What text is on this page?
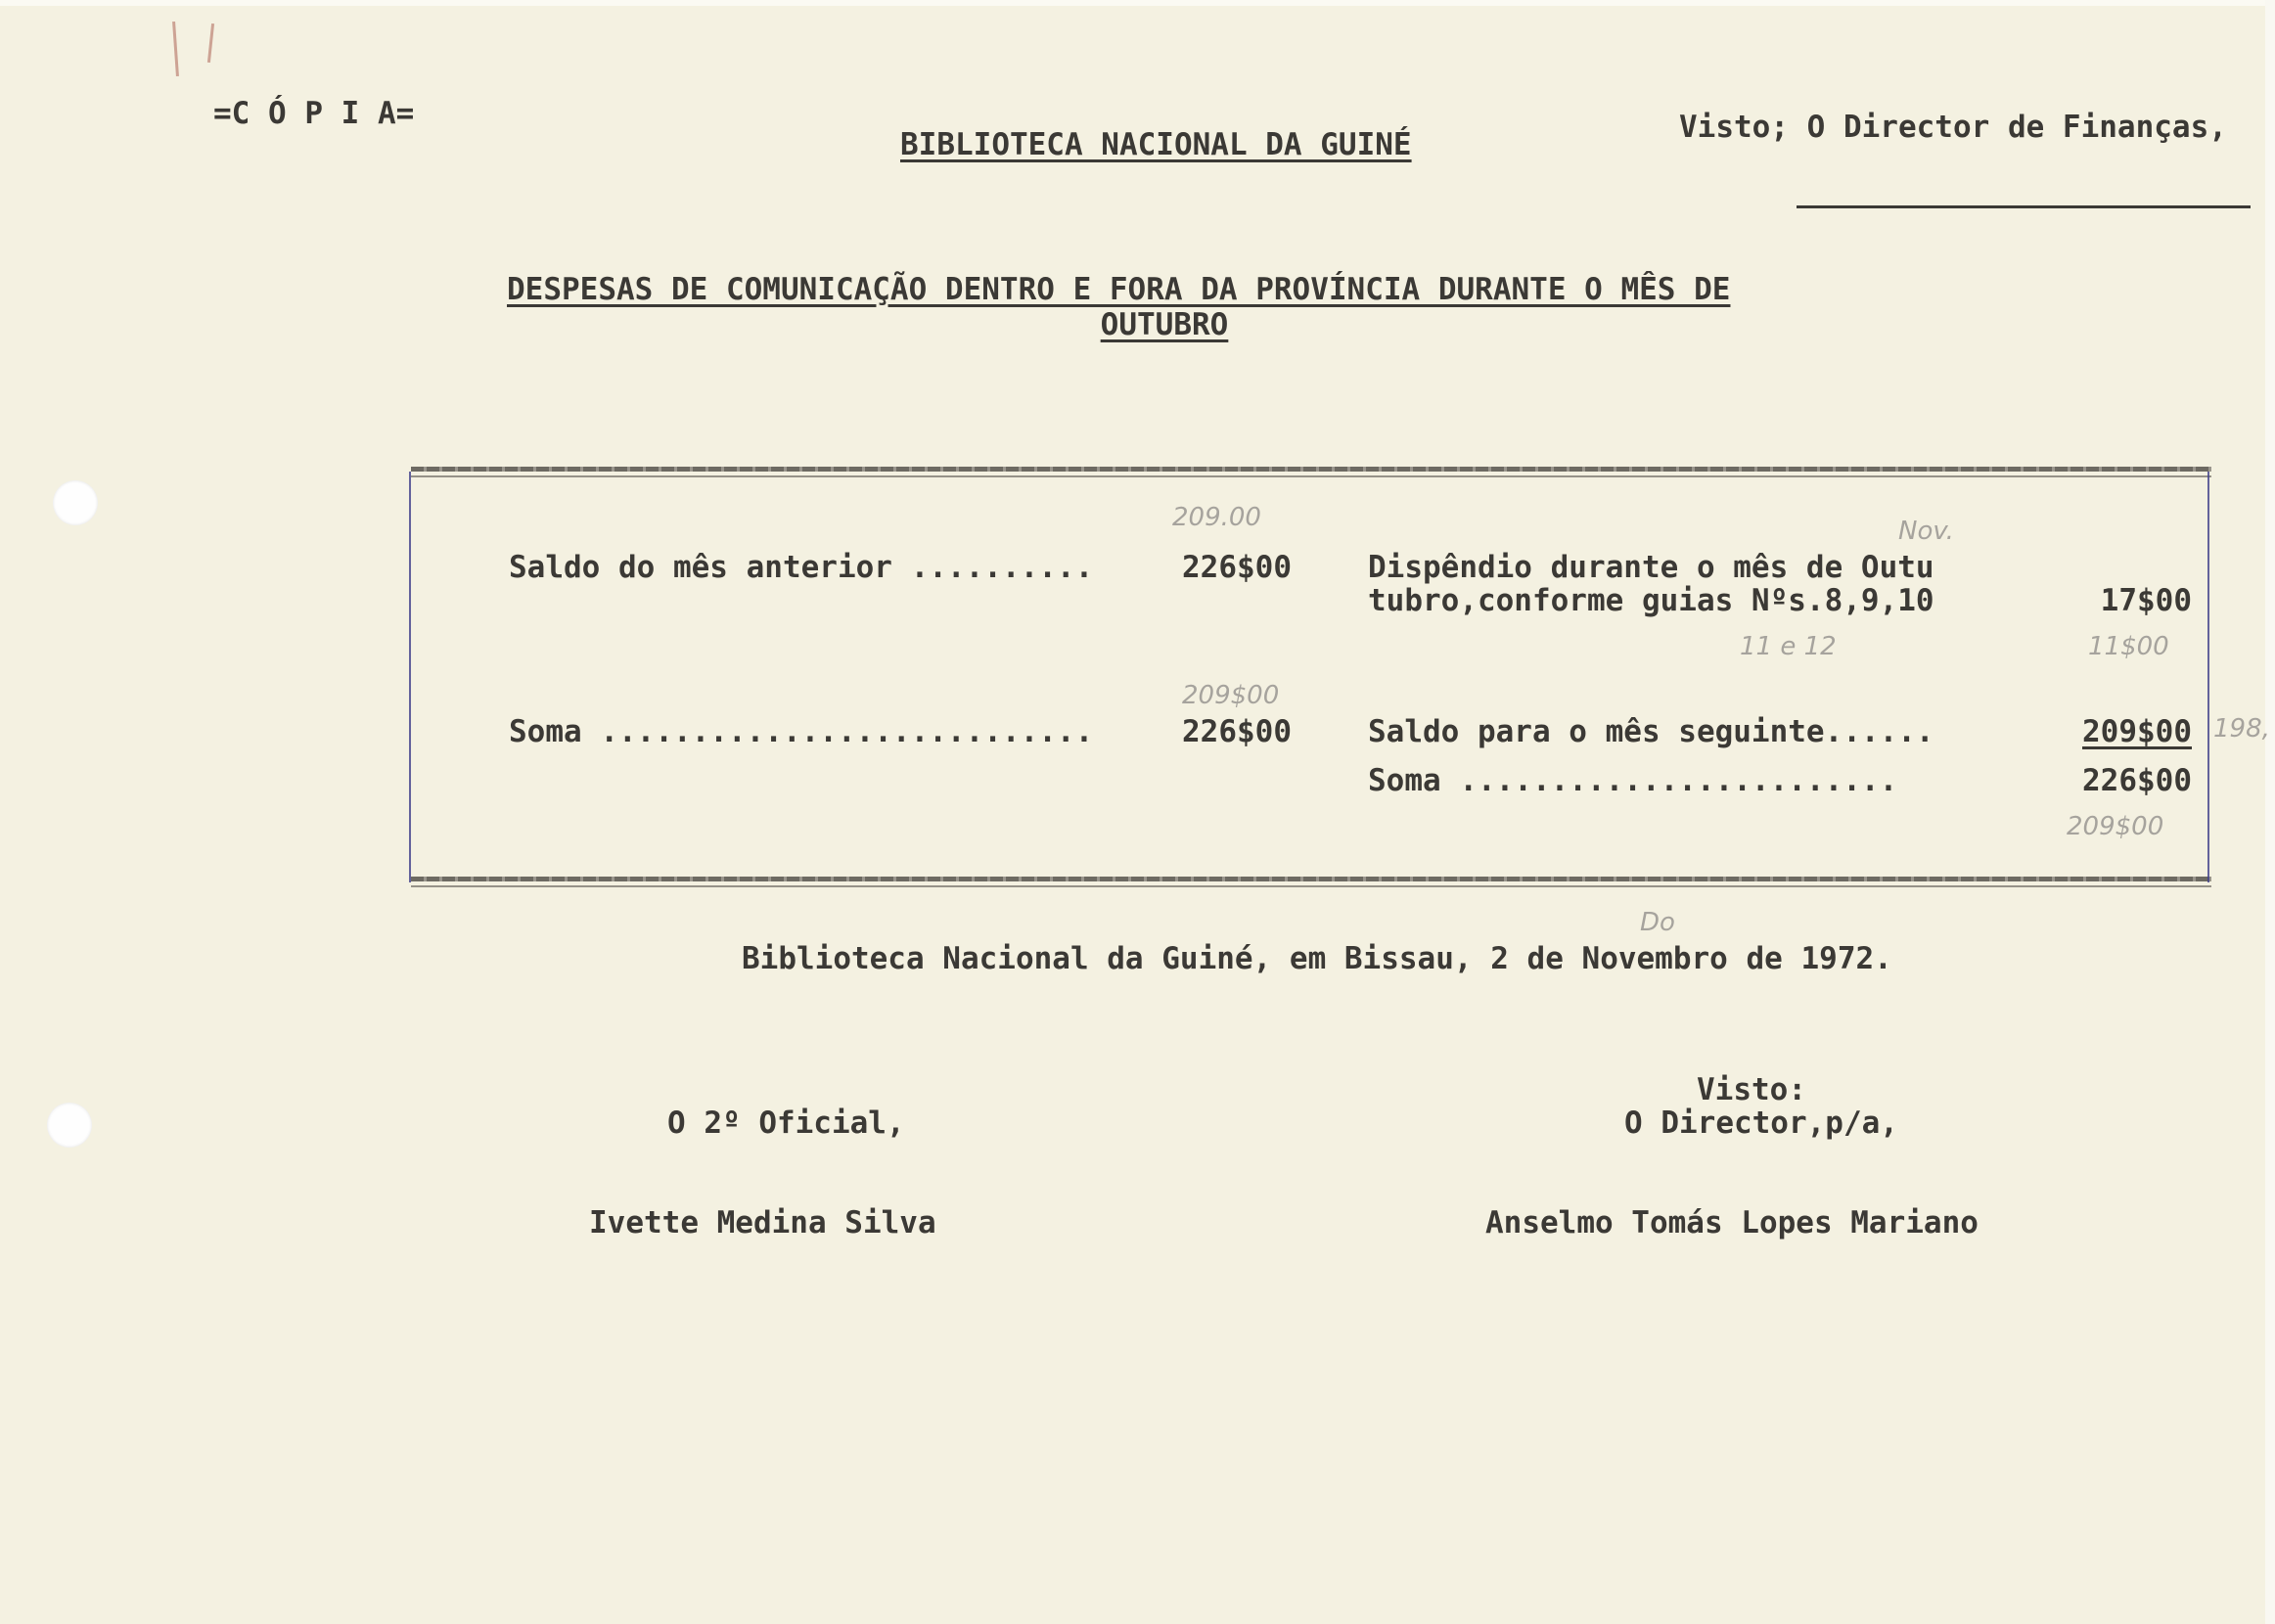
=C Ó P I A=
BIBLIOTECA NACIONAL DA GUINÉ	Visto; O Director de Finanças,
DESPESAS DE COMUNICAÇÃO DENTRO E FORA DA PROVÍNCIA DURANTE O MÊS DE
OUTUBRO
Saldo do mês anterior ..........	226$00
Soma ...........................	226$00
Dispêndio durante o mês de Outu
tubro,conforme guias Nºs.8,9,10	17$00
Saldo para o mês seguinte......	209$00
Soma ........................	226$00
209.00	Nov.
11 e 12	11$00
209$00
198,
209$00
Do
Biblioteca Nacional da Guiné, em Bissau, 2 de Novembro de 1972.
Visto:
O 2º Oficial,	O Director,p/a,
Ivette Medina Silva	Anselmo Tomás Lopes Mariano
